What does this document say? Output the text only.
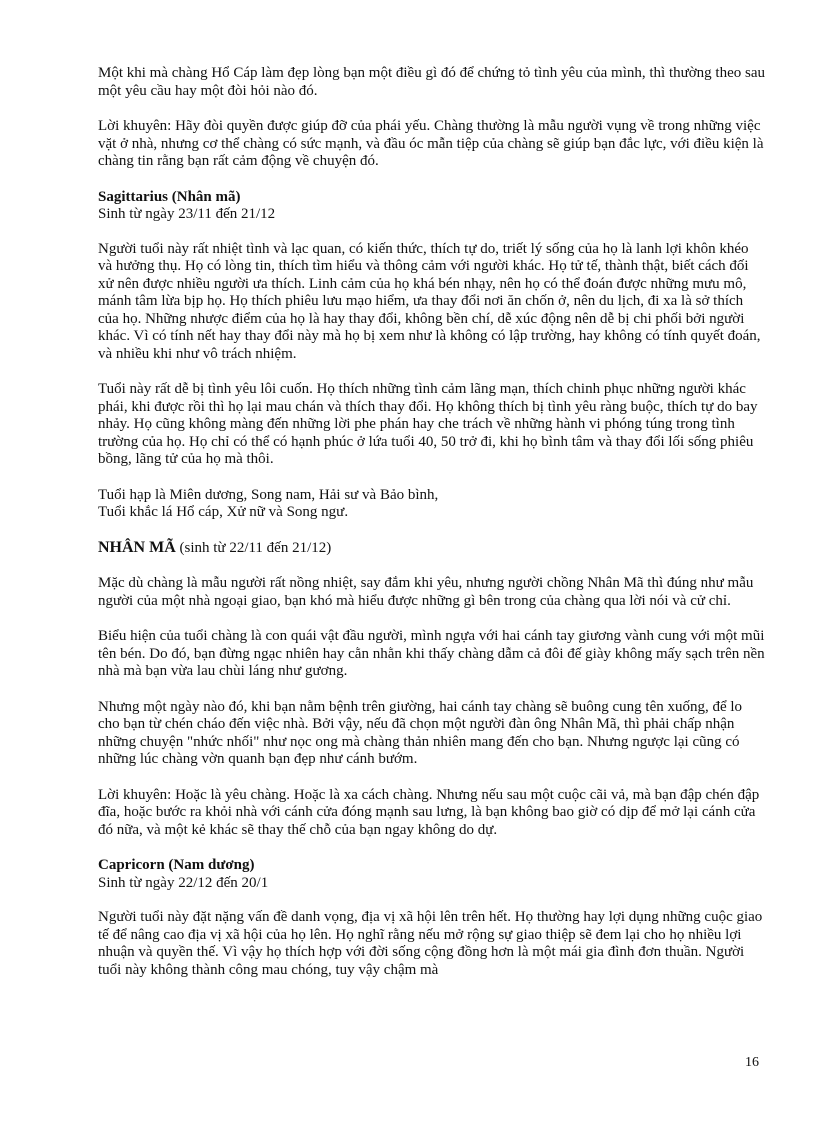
Một khi mà chàng Hổ Cáp làm đẹp lòng bạn một điều gì đó để chứng tỏ tình yêu của mình, thì thường theo sau một yêu cầu hay một đòi hỏi nào đó.

Lời khuyên: Hãy đòi quyền được giúp đỡ của phái yếu. Chàng thường là mẫu người vụng về trong những việc vặt ở nhà, nhưng cơ thể chàng có sức mạnh, và đầu óc mẫn tiệp của chàng sẽ giúp bạn đắc lực, với điều kiện là chàng tin rằng bạn rất cảm động về chuyện đó.

Sagittarius (Nhân mã)
Sinh từ ngày 23/11 đến 21/12

Người tuổi này rất nhiệt tình và lạc quan, có kiến thức, thích tự do, triết lý sống của họ là lanh lợi khôn khéo và hưởng thụ. Họ có lòng tin, thích tìm hiểu và thông cảm với người khác. Họ tử tế, thành thật, biết cách đối xử nên được nhiều người ưa thích. Linh cảm của họ khá bén nhạy, nên họ có thể đoán được những mưu mô, mánh tâm lừa bịp họ. Họ thích phiêu lưu mạo hiểm, ưa thay đổi nơi ăn chốn ở, nên du lịch, đi xa là sở thích của họ. Những nhược điểm của họ là hay thay đổi, không bền chí, dễ xúc động nên dễ bị chi phối bởi người khác. Vì có tính nết hay thay đổi này mà họ bị xem như là không có lập trường, hay không có tính quyết đoán, và nhiều khi như vô trách nhiệm.

Tuổi này rất dễ bị tình yêu lôi cuốn. Họ thích những tình cảm lãng mạn, thích chinh phục những người khác phái, khi được rồi thì họ lại mau chán và thích thay đổi. Họ không thích bị tình yêu ràng buộc, thích tự do bay nhảy. Họ cũng không màng đến những lời phe phán hay che trách về những hành vi phóng túng trong tình trường của họ. Họ chỉ có thể có hạnh phúc ở lứa tuổi 40, 50 trở đi, khi họ bình tâm và thay đổi lối sống phiêu bồng, lãng tử của họ mà thôi.

Tuổi hạp là Miên dương, Song nam, Hải sư và Bảo bình,
Tuổi khắc lá Hổ cáp, Xử nữ và Song ngư.
NHÂN MÃ (sinh từ 22/11 đến 21/12)

Mặc dù chàng là mẫu người rất nồng nhiệt, say đắm khi yêu, nhưng người chồng Nhân Mã thì đúng như mẫu người của một nhà ngoại giao, bạn khó mà hiểu được những gì bên trong của chàng qua lời nói và cử chỉ.

Biểu hiện của tuổi chàng là con quái vật đầu người, mình ngựa với hai cánh tay giương vành cung với một mũi tên bén. Do đó, bạn đừng ngạc nhiên hay cằn nhằn khi thấy chàng dẫm cả đôi đế giày không mấy sạch trên nền nhà mà bạn vừa lau chùi láng như gương.

Nhưng một ngày nào đó, khi bạn nằm bệnh trên giường, hai cánh tay chàng sẽ buông cung tên xuống, để lo cho bạn từ chén cháo đến việc nhà. Bởi vậy, nếu đã chọn một người đàn ông Nhân Mã, thì phải chấp nhận những chuyện "nhức nhối" như nọc ong mà chàng thản nhiên mang đến cho bạn. Nhưng ngược lại cũng có những lúc chàng vờn quanh bạn đẹp như cánh bướm.

Lời khuyên: Hoặc là yêu chàng. Hoặc là xa cách chàng. Nhưng nếu sau một cuộc cãi vả, mà bạn đập chén đập đĩa, hoặc bước ra khỏi nhà với cánh cửa đóng mạnh sau lưng, là bạn không bao giờ có dịp để mở lại cánh cửa đó nữa, và một kẻ khác sẽ thay thế chỗ của bạn ngay không do dự.

Capricorn (Nam dương)
Sinh từ ngày 22/12 đến 20/1

Người tuổi này đặt nặng vấn đề danh vọng, địa vị xã hội lên trên hết. Họ thường hay lợi dụng những cuộc giao tế để nâng cao địa vị xã hội của họ lên. Họ nghĩ rằng nếu mở rộng sự giao thiệp sẽ đem lại cho họ nhiều lợi nhuận và quyền thế. Vì vậy họ thích hợp với đời sống cộng đồng hơn là một mái gia đình đơn thuần. Người tuổi này không thành công mau chóng, tuy vậy chậm mà

16
